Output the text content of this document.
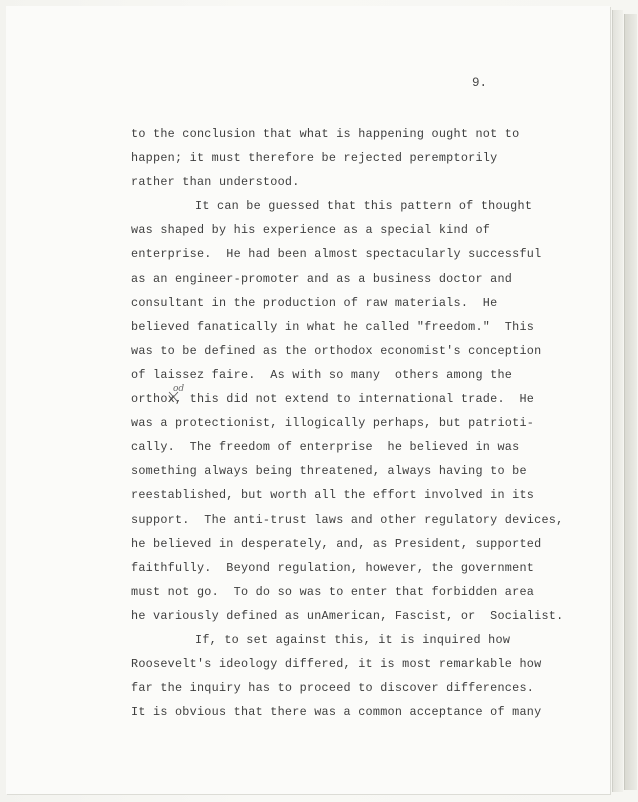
9.
to the conclusion that what is happening ought not to
happen; it must therefore be rejected peremptorily
rather than understood.
It can be guessed that this pattern of thought
was shaped by his experience as a special kind of
enterprise.  He had been almost spectacularly successful
as an engineer-promoter and as a business doctor and
consultant in the production of raw materials.  He
believed fanatically in what he called "freedom."  This
was to be defined as the orthodox economist's conception
of laissez faire.  As with so many  others among the
orthox, this did not extend to international trade.  He
was a protectionist, illogically perhaps, but patrioti-
cally.  The freedom of enterprise  he believed in was
something always being threatened, always having to be
reestablished, but worth all the effort involved in its
support.  The anti-trust laws and other regulatory devices,
he believed in desperately, and, as President, supported
faithfully.  Beyond regulation, however, the government
must not go.  To do so was to enter that forbidden area
he variously defined as unAmerican, Fascist, or  Socialist.
If, to set against this, it is inquired how
Roosevelt's ideology differed, it is most remarkable how
far the inquiry has to proceed to discover differences.
It is obvious that there was a common acceptance of many
od
